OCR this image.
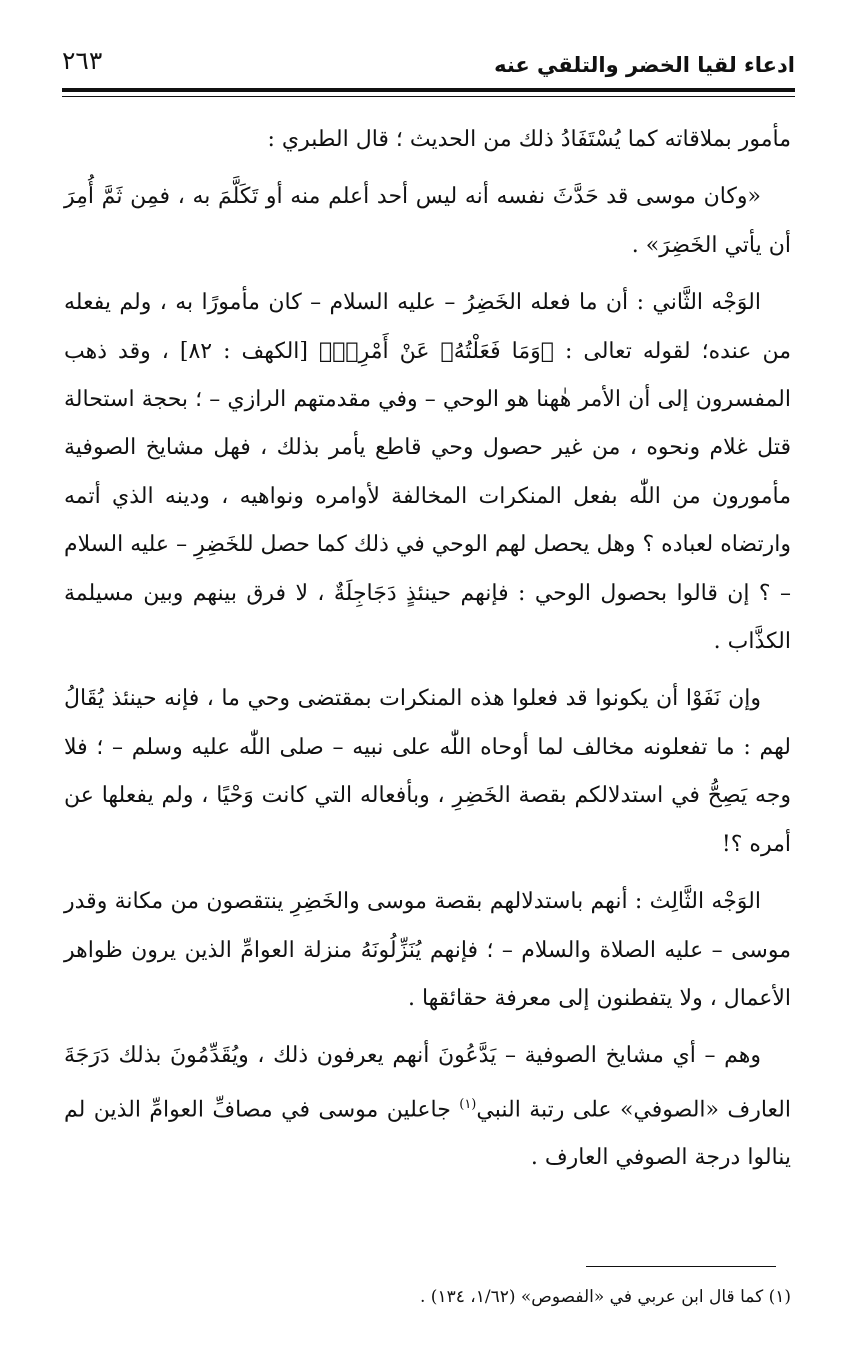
ادعاء لقيا الخضر والتلقي عنه
٢٦٣

مأمور بملاقاته كما يُسْتَفَادُ ذلك من الحديث ؛ قال الطبري :

«وكان موسى قد حَدَّثَ نفسه أنه ليس أحد أعلم منه أو تَكَلَّمَ به ، فمِن ثَمَّ أُمِرَ أن يأتي الخَضِرَ» .

الوَجْه الثَّاني : أن ما فعله الخَضِرُ – عليه السلام – كان مأمورًا به ، ولم يفعله من عنده؛ لقوله تعالى : ﴿وَمَا فَعَلْتُهُۥ عَنْ أَمْرِيۚ﴾ [الكهف : ٨٢] ، وقد ذهب المفسرون إلى أن الأمر هٰهنا هو الوحي – وفي مقدمتهم الرازي – ؛ بحجة استحالة قتل غلام ونحوه ، من غير حصول وحي قاطع يأمر بذلك ، فهل مشايخ الصوفية مأمورون من اللّٰه بفعل المنكرات المخالفة لأوامره ونواهيه ، ودينه الذي أتمه وارتضاه لعباده ؟ وهل يحصل لهم الوحي في ذلك كما حصل للخَضِرِ – عليه السلام – ؟ إن قالوا بحصول الوحي : فإنهم حينئذٍ دَجَاجِلَةٌ ، لا فرق بينهم وبين مسيلمة الكذَّاب .

وإن نَفَوْا أن يكونوا قد فعلوا هذه المنكرات بمقتضى وحي ما ، فإنه حينئذ يُقَالُ لهم : ما تفعلونه مخالف لما أوحاه اللّٰه على نبيه – صلى اللّٰه عليه وسلم – ؛ فلا وجه يَصِحُّ في استدلالكم بقصة الخَضِرِ ، وبأفعاله التي كانت وَحْيًا ، ولم يفعلها عن أمره ؟!

الوَجْه الثَّالِث : أنهم باستدلالهم بقصة موسى والخَضِرِ ينتقصون من مكانة وقدر موسى – عليه الصلاة والسلام – ؛ فإنهم يُنَزِّلُونَهُ منزلة العوامِّ الذين يرون ظواهر الأعمال ، ولا يتفطنون إلى معرفة حقائقها .

وهم – أي مشايخ الصوفية – يَدَّعُونَ أنهم يعرفون ذلك ، ويُقَدِّمُونَ بذلك دَرَجَةَ العارف «الصوفي» على رتبة النبي$^{(١)}$ جاعلين موسى في مصافِّ العوامِّ الذين لم ينالوا درجة الصوفي العارف .

(١) كما قال ابن عربي في «الفصوص» (١/٦٢، ١٣٤) .
